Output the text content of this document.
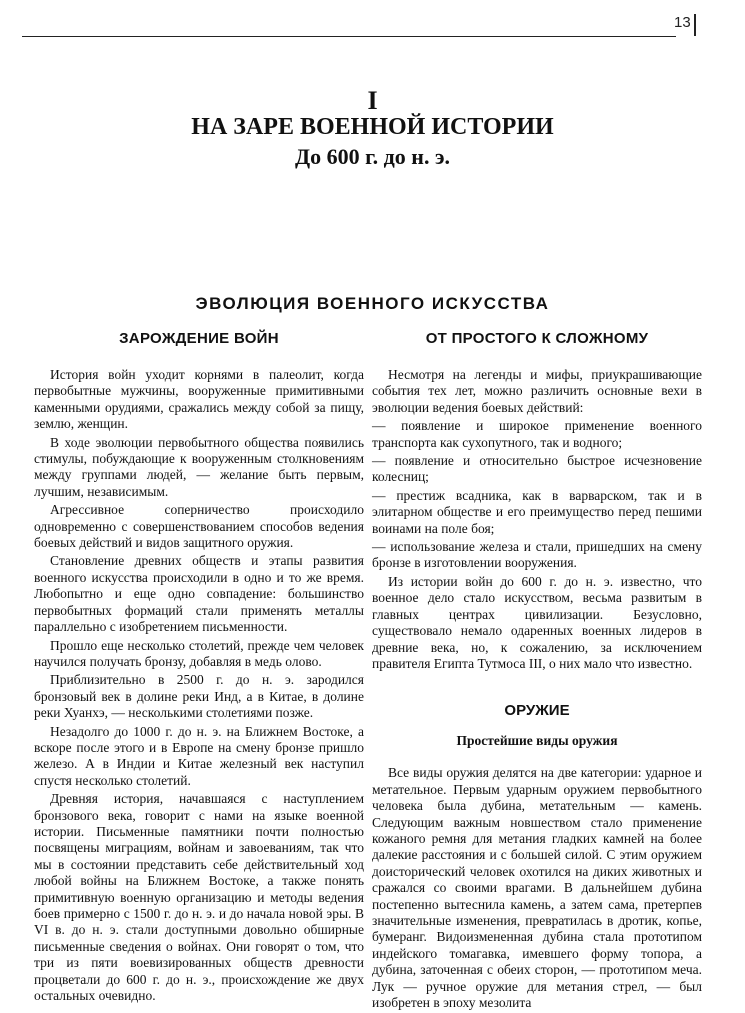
13
I
НА ЗАРЕ ВОЕННОЙ ИСТОРИИ
До 600 г. до н. э.
ЭВОЛЮЦИЯ ВОЕННОГО ИСКУССТВА
ЗАРОЖДЕНИЕ ВОЙН

История войн уходит корнями в палеолит, когда первобытные мужчины, вооруженные примитивными каменными орудиями, сражались между собой за пищу, землю, женщин.

В ходе эволюции первобытного общества появились стимулы, побуждающие к вооруженным столкновениям между группами людей, — желание быть первым, лучшим, независимым.

Агрессивное соперничество происходило одновременно с совершенствованием способов ведения боевых действий и видов защитного оружия.

Становление древних обществ и этапы развития военного искусства происходили в одно и то же время. Любопытно и еще одно совпадение: большинство первобытных формаций стали применять металлы параллельно с изобретением письменности.

Прошло еще несколько столетий, прежде чем человек научился получать бронзу, добавляя в медь олово.

Приблизительно в 2500 г. до н. э. зародился бронзовый век в долине реки Инд, а в Китае, в долине реки Хуанхэ, — несколькими столетиями позже.

Незадолго до 1000 г. до н. э. на Ближнем Востоке, а вскоре после этого и в Европе на смену бронзе пришло железо. А в Индии и Китае железный век наступил спустя несколько столетий.

Древняя история, начавшаяся с наступлением бронзового века, говорит с нами на языке военной истории. Письменные памятники почти полностью посвящены миграциям, войнам и завоеваниям, так что мы в состоянии представить себе действительный ход любой войны на Ближнем Востоке, а также понять примитивную военную организацию и методы ведения боев примерно с 1500 г. до н. э. и до начала новой эры. В VI в. до н. э. стали доступными довольно обширные письменные сведения о войнах. Они говорят о том, что три из пяти воевизированных обществ древности процветали до 600 г. до н. э., происхождение же двух остальных очевидно.

ОТ ПРОСТОГО К СЛОЖНОМУ

Несмотря на легенды и мифы, приукрашивающие события тех лет, можно различить основные вехи в эволюции ведения боевых действий:

— появление и широкое применение военного транспорта как сухопутного, так и водного;

— появление и относительно быстрое исчезновение колесниц;

— престиж всадника, как в варварском, так и в элитарном обществе и его преимущество перед пешими воинами на поле боя;

— использование железа и стали, пришедших на смену бронзе в изготовлении вооружения.

Из истории войн до 600 г. до н. э. известно, что военное дело стало искусством, весьма развитым в главных центрах цивилизации. Безусловно, существовало немало одаренных военных лидеров в древние века, но, к сожалению, за исключением правителя Египта Тутмоса III, о них мало что известно.

ОРУЖИЕ
Простейшие виды оружия

Все виды оружия делятся на две категории: ударное и метательное. Первым ударным оружием первобытного человека была дубина, метательным — камень. Следующим важным новшеством стало применение кожаного ремня для метания гладких камней на более далекие расстояния и с большей силой. С этим оружием доисторический человек охотился на диких животных и сражался со своими врагами. В дальнейшем дубина постепенно вытеснила камень, а затем сама, претерпев значительные изменения, превратилась в дротик, копье, бумеранг. Видоизмененная дубина стала прототипом индейского томагавка, имевшего форму топора, а дубина, заточенная с обеих сторон, — прототипом меча. Лук — ручное оружие для метания стрел, — был изобретен в эпоху мезолита
